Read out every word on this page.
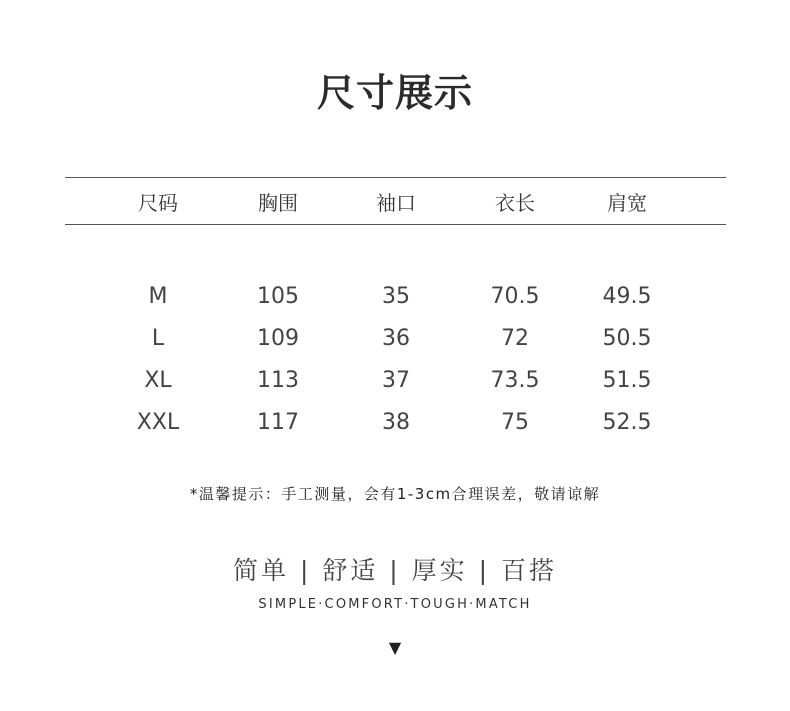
尺寸展示
尺码	胸围	袖口	衣长	肩宽
M	105	35	70.5	49.5
L	109	36	72	50.5
XL	113	37	73.5	51.5
XXL	117	38	75	52.5
*温馨提示：手工测量，会有1-3cm合理误差，敬请谅解
简单 | 舒适 | 厚实 | 百搭
SIMPLE·COMFORT·TOUGH·MATCH
▼
